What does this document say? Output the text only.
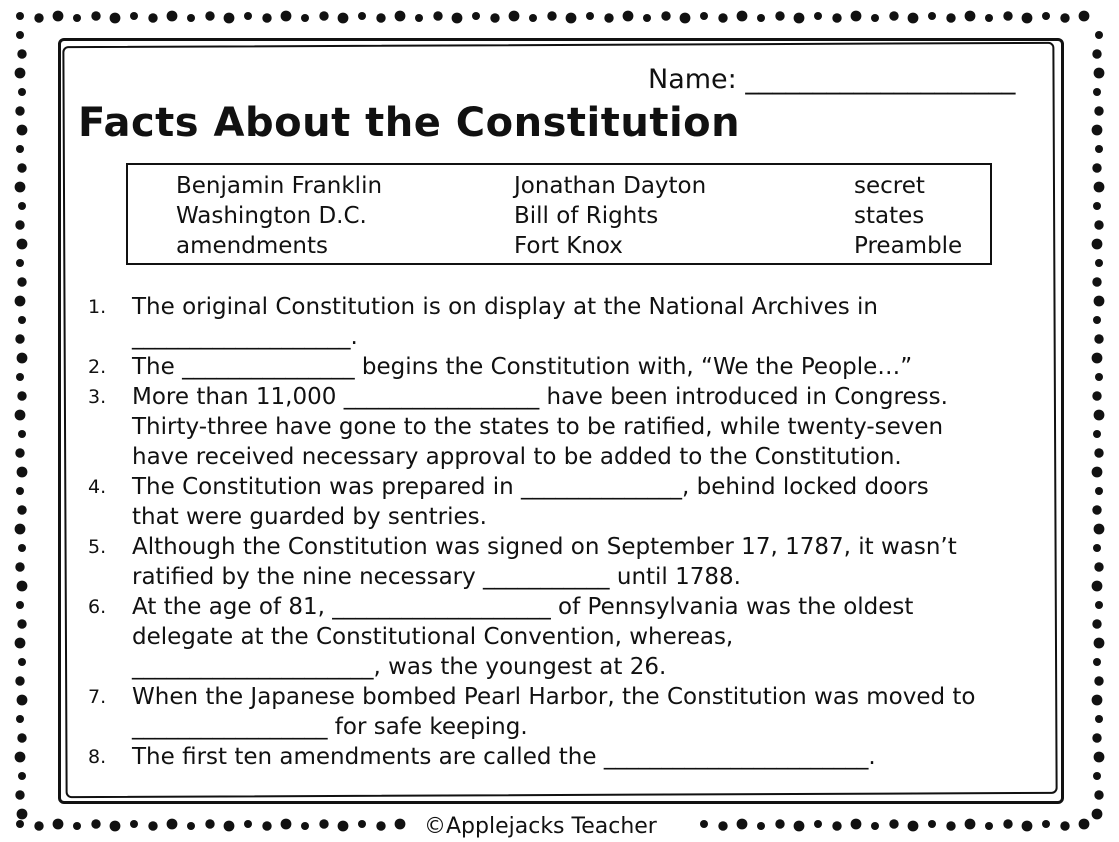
Name: ____________________
Facts About the Constitution
Benjamin Franklin
Washington D.C.
amendments
Jonathan Dayton
Bill of Rights
Fort Knox
secret
states
Preamble
1. The original Constitution is on display at the National Archives in
___________________.
2. The _______________ begins the Constitution with, “We the People…”
3. More than 11,000 _________________ have been introduced in Congress.
Thirty-three have gone to the states to be ratified, while twenty-seven
have received necessary approval to be added to the Constitution.
4. The Constitution was prepared in ______________, behind locked doors
that were guarded by sentries.
5. Although the Constitution was signed on September 17, 1787, it wasn’t
ratified by the nine necessary ___________ until 1788.
6. At the age of 81, ___________________ of Pennsylvania was the oldest
delegate at the Constitutional Convention, whereas,
_____________________, was the youngest at 26.
7. When the Japanese bombed Pearl Harbor, the Constitution was moved to
_________________ for safe keeping.
8. The first ten amendments are called the _______________________.
©Applejacks Teacher
